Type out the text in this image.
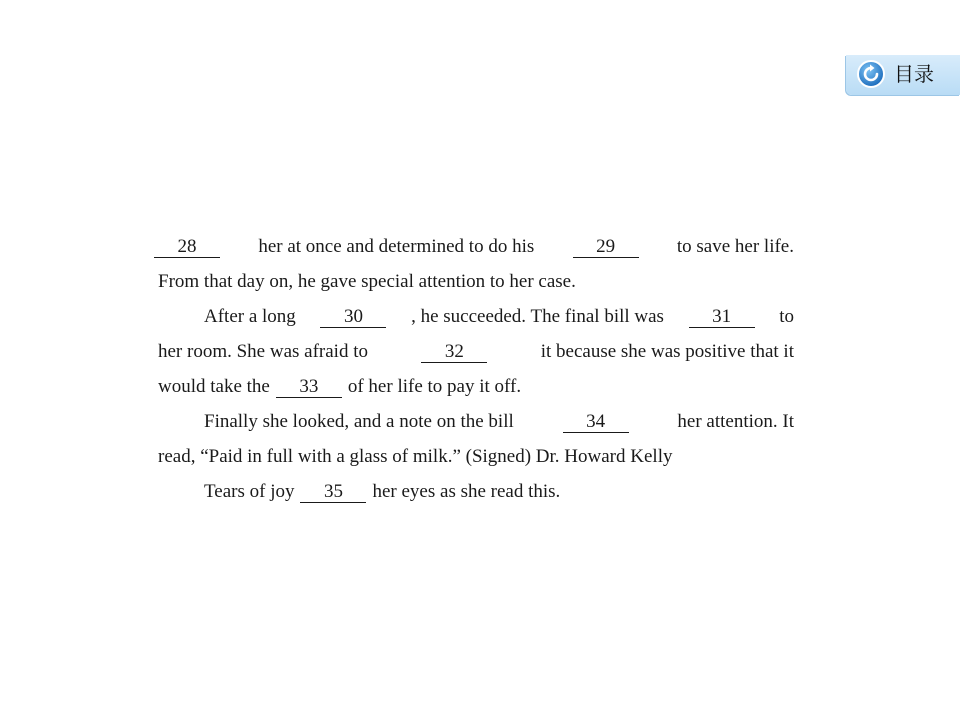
目录
28	her at once and determined to do his	29	to save her life.
From that day on, he gave special attention to her case.
After a long	30	, he succeeded. The final bill was	31	to
her room. She was afraid to	32	it because she was positive that it
would take the	33	of her life to pay it off.
Finally she looked, and a note on the bill	34	her attention. It
read, “Paid in full with a glass of milk.” (Signed) Dr. Howard Kelly
Tears of joy	35	her eyes as she read this.
